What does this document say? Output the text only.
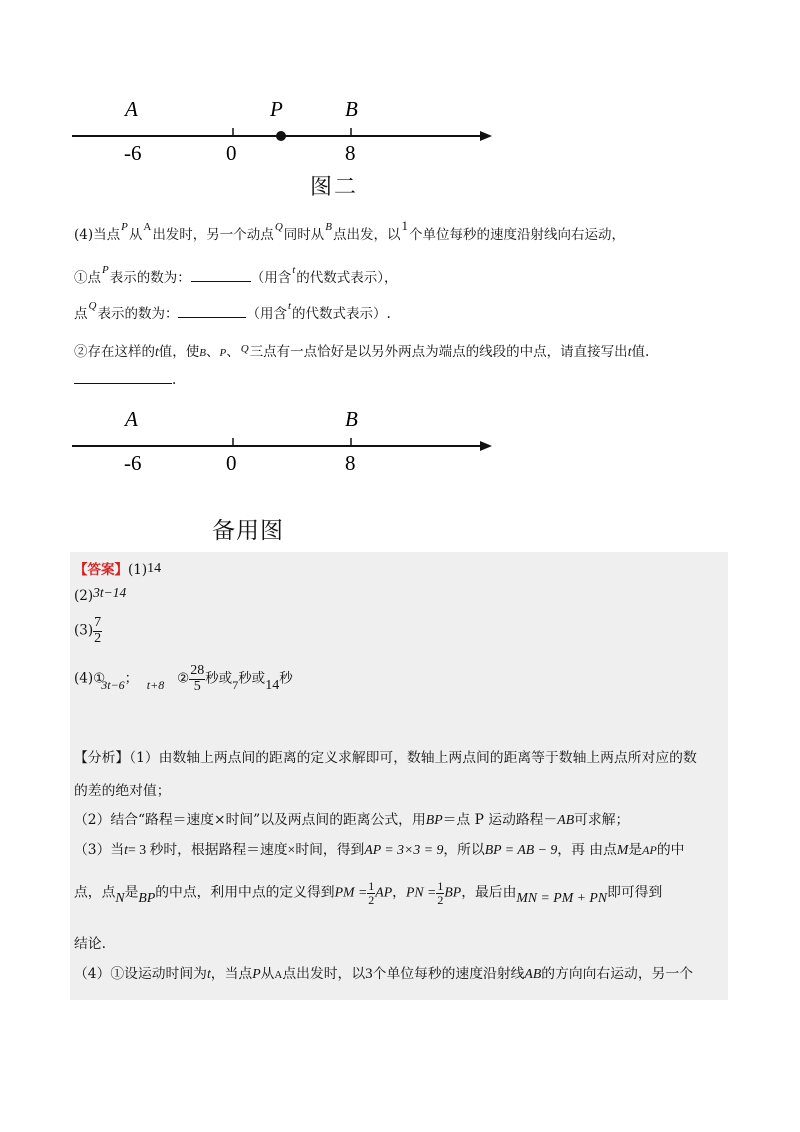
A	P	B
-6	0	8
图二
(4)当点$^P$从$^A$出发时，另一个动点$^Q$同时从$^B$点出发，以1个单位每秒的速度沿射线向右运动，
①点$^P$表示的数为：	（用含$^t$的代数式表示），
点$^Q$表示的数为：	（用含$^t$的代数式表示）.
②存在这样的t值，使B、P、$^Q$三点有一点恰好是以另外两点为端点的线段的中点，请直接写出t值.
.
A	B
-6	0	8
备用图
【答案】(1)14
(2)3t−14
$(3) \frac{7}{2}$
(4)①3t−6； t+8 ② $\frac{28}{5}$ 秒或7秒或14秒
【分析】（1）由数轴上两点间的距离的定义求解即可，数轴上两点间的距离等于数轴上两点所对应的数
的差的绝对值；
（2）结合“路程＝速度×时间”以及两点间的距离公式，用BP＝点 P 运动路程－AB可求解；
（3）当t= 3 秒时，根据路程＝速度×时间，得到AP = 3×3 = 9，所以BP = AB − 9，再 由点M是AP的中
点，点N是BP的中点，利用中点的定义得到PM = $\frac{1}{2}$ AP，PN = $\frac{1}{2}$ BP，最后由MN = PM + PN即可得到
结论.
（4）①设运动时间为t，当点P从A点出发时，以3个单位每秒的速度沿射线AB的方向向右运动，另一个
